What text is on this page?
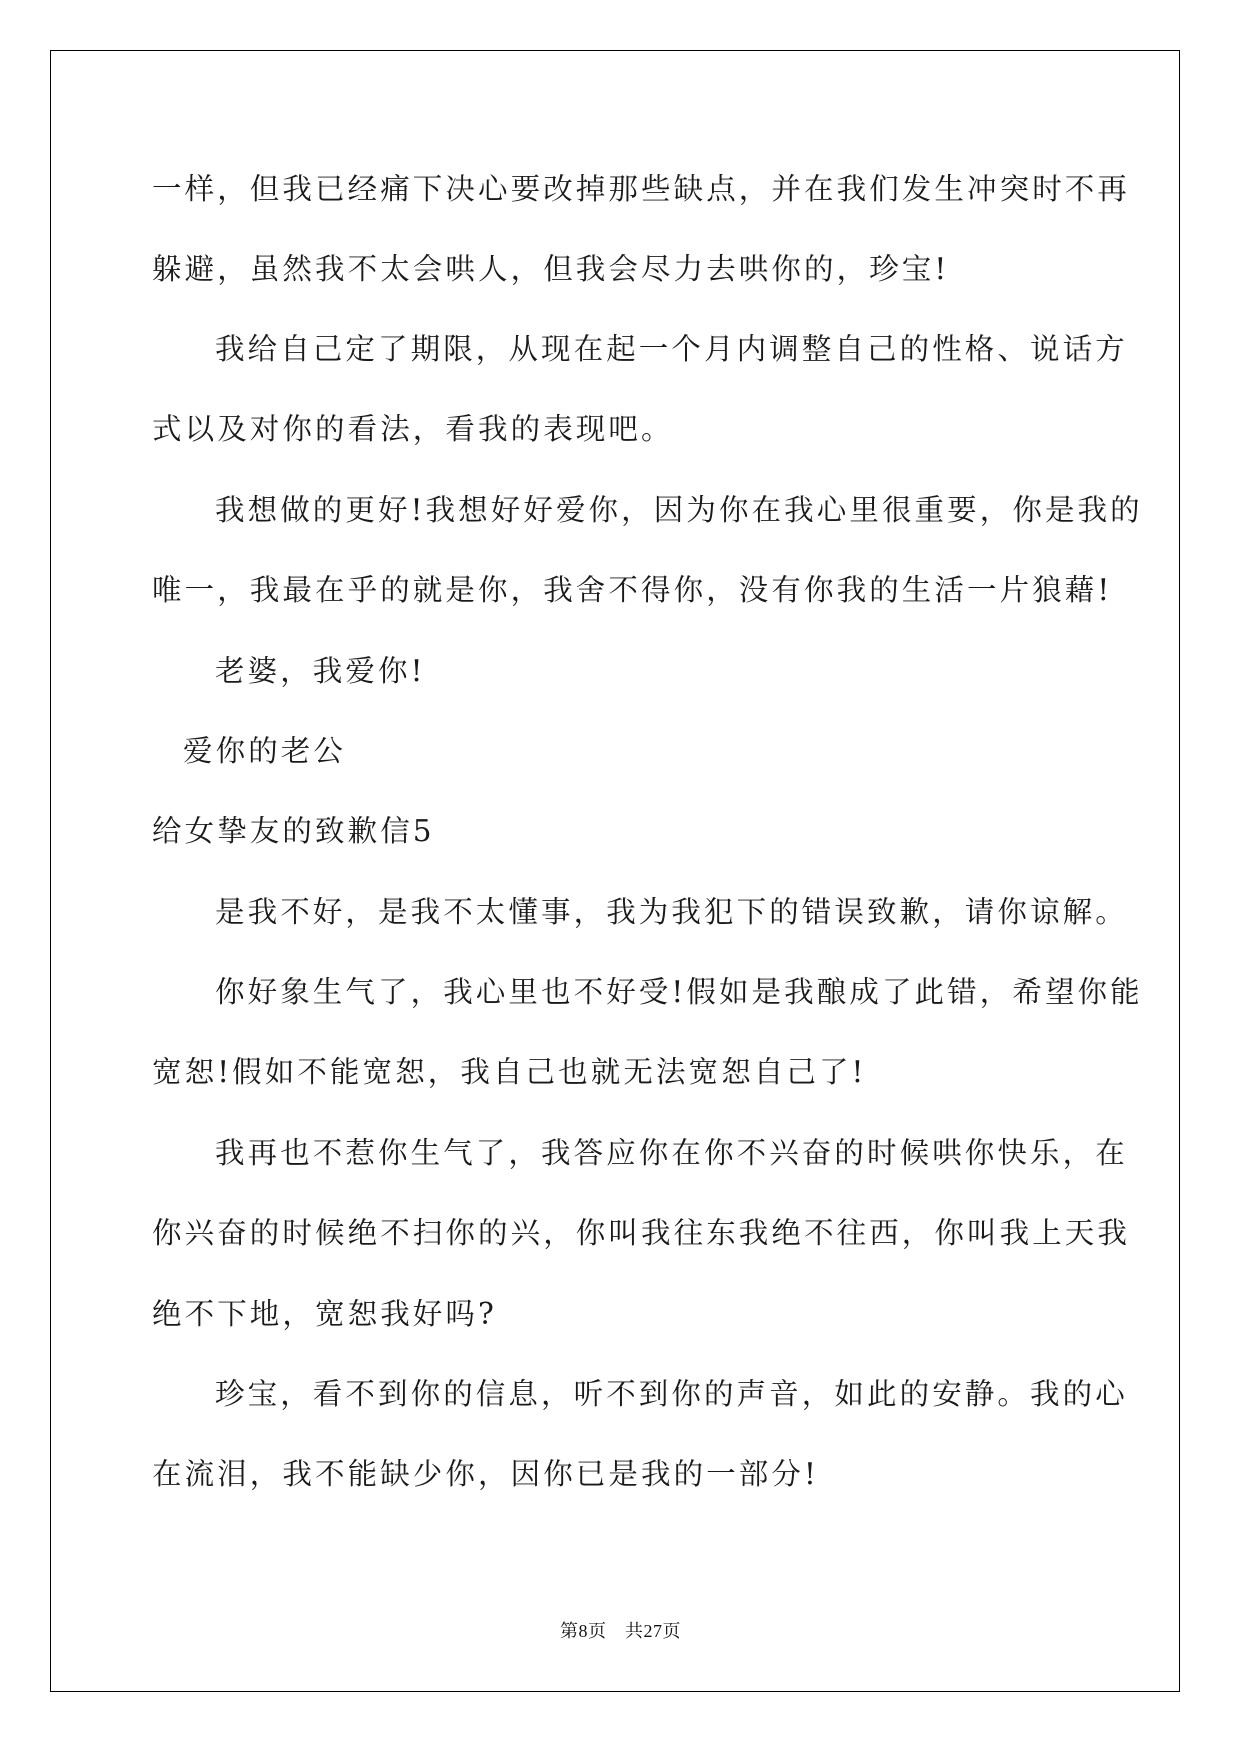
一样，但我已经痛下决心要改掉那些缺点，并在我们发生冲突时不再
躲避，虽然我不太会哄人，但我会尽力去哄你的，珍宝!
我给自己定了期限，从现在起一个月内调整自己的性格、说话方
式以及对你的看法，看我的表现吧。
我想做的更好!我想好好爱你，因为你在我心里很重要，你是我的
唯一，我最在乎的就是你，我舍不得你，没有你我的生活一片狼藉!
老婆，我爱你!
爱你的老公
给女挚友的致歉信5
是我不好，是我不太懂事，我为我犯下的错误致歉，请你谅解。
你好象生气了，我心里也不好受!假如是我酿成了此错，希望你能
宽恕!假如不能宽恕，我自己也就无法宽恕自己了!
我再也不惹你生气了，我答应你在你不兴奋的时候哄你快乐，在
你兴奋的时候绝不扫你的兴，你叫我往东我绝不往西，你叫我上天我
绝不下地，宽恕我好吗?
珍宝，看不到你的信息，听不到你的声音，如此的安静。我的心
在流泪，我不能缺少你，因你已是我的一部分!
第8页　共27页
